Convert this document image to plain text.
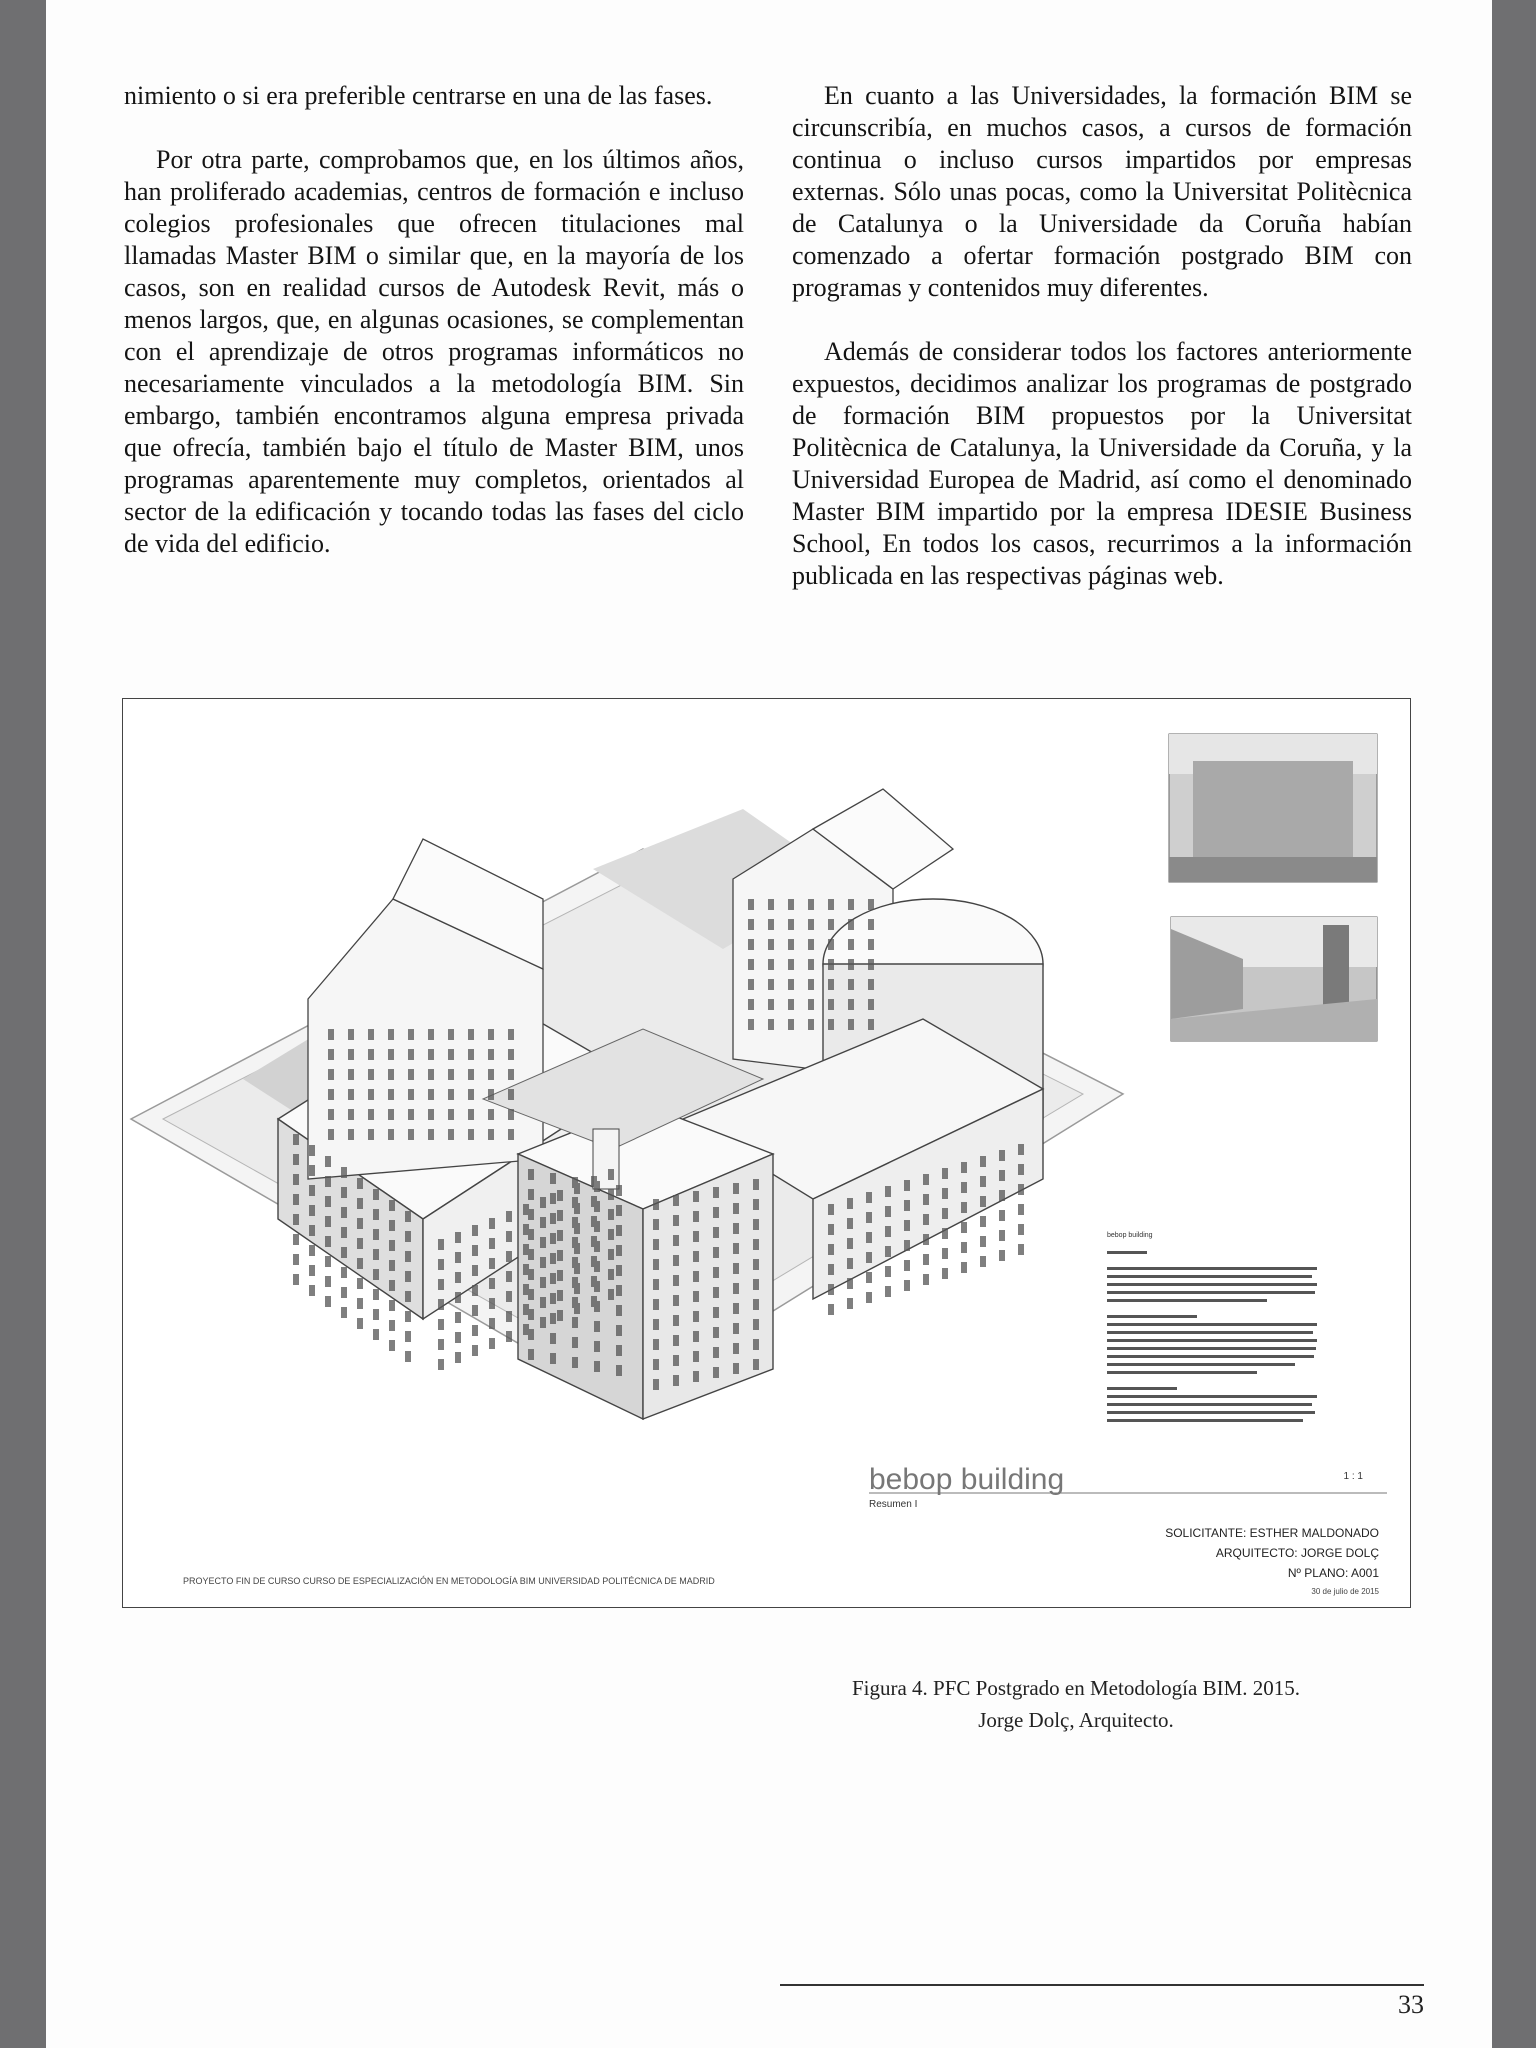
nimiento o si era preferible centrarse en una de las fases.

Por otra parte, comprobamos que, en los últimos años, han proliferado academias, centros de formación e incluso colegios profesionales que ofrecen titulaciones mal llamadas Master BIM o similar que, en la mayoría de los casos, son en realidad cursos de Autodesk Revit, más o menos largos, que, en algunas ocasiones, se complementan con el aprendizaje de otros programas informáticos no necesariamente vinculados a la metodología BIM. Sin embargo, también encontramos alguna empresa privada que ofrecía, también bajo el título de Master BIM, unos programas aparentemente muy completos, orientados al sector de la edificación y tocando todas las fases del ciclo de vida del edificio.

En cuanto a las Universidades, la formación BIM se circunscribía, en muchos casos, a cursos de formación continua o incluso cursos impartidos por empresas externas. Sólo unas pocas, como la Universitat Politècnica de Catalunya o la Universidade da Coruña habían comenzado a ofertar formación postgrado BIM con programas y contenidos muy diferentes.

Además de considerar todos los factores anteriormente expuestos, decidimos analizar los programas de postgrado de formación BIM propuestos por la Universitat Politècnica de Catalunya, la Universidade da Coruña, y la Universidad Europea de Madrid, así como el denominado Master BIM impartido por la empresa IDESIE Business School, En todos los casos, recurrimos a la información publicada en las respectivas páginas web.

bebop building
bebop building
Resumen I
1 : 1
SOLICITANTE: ESTHER MALDONADO
ARQUITECTO: JORGE DOLÇ
Nº PLANO: A001
30 de julio de 2015
PROYECTO FIN DE CURSO CURSO DE ESPECIALIZACIÓN EN METODOLOGÍA BIM UNIVERSIDAD POLITÉCNICA DE MADRID
Figura 4. PFC Postgrado en Metodología BIM. 2015.
Jorge Dolç, Arquitecto.
33
